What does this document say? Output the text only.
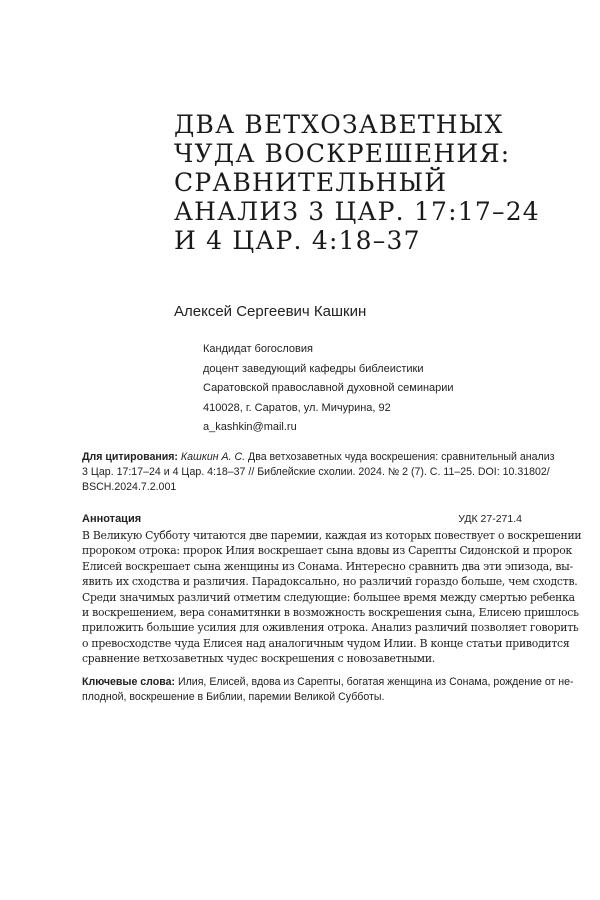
ДВА ВЕТХОЗАВЕТНЫХ
ЧУДА ВОСКРЕШЕНИЯ:
СРАВНИТЕЛЬНЫЙ
АНАЛИЗ 3 ЦАР. 17:17–24
И 4 ЦАР. 4:18–37
Алексей Сергеевич Кашкин
Кандидат богословия
доцент заведующий кафедры библеистики
Саратовской православной духовной семинарии
410028, г. Саратов, ул. Мичурина, 92
a_kashkin@mail.ru
Для цитирования: Кашкин А. С. Два ветхозаветных чуда воскрешения: сравнительный анализ
3 Цар. 17:17–24 и 4 Цар. 4:18–37 // Библейские схолии. 2024. № 2 (7). С. 11–25. DOI: 10.31802/
BSCH.2024.7.2.001
Аннотация	УДК 27-271.4
В Великую Субботу читаются две паремии, каждая из которых повествует о воскрешении
пророком отрока: пророк Илия воскрешает сына вдовы из Сарепты Сидонской и пророк
Елисей воскрешает сына женщины из Сонама. Интересно сравнить два эти эпизода, вы-
явить их сходства и различия. Парадоксально, но различий гораздо больше, чем сходств.
Среди значимых различий отметим следующие: большее время между смертью ребенка
и воскрешением, вера сонамитянки в возможность воскрешения сына, Елисею пришлось
приложить большие усилия для оживления отрока. Анализ различий позволяет говорить
о превосходстве чуда Елисея над аналогичным чудом Илии. В конце статьи приводится
сравнение ветхозаветных чудес воскрешения с новозаветными.
Ключевые слова: Илия, Елисей, вдова из Сарепты, богатая женщина из Сонама, рождение от не-
плодной, воскрешение в Библии, паремии Великой Субботы.
